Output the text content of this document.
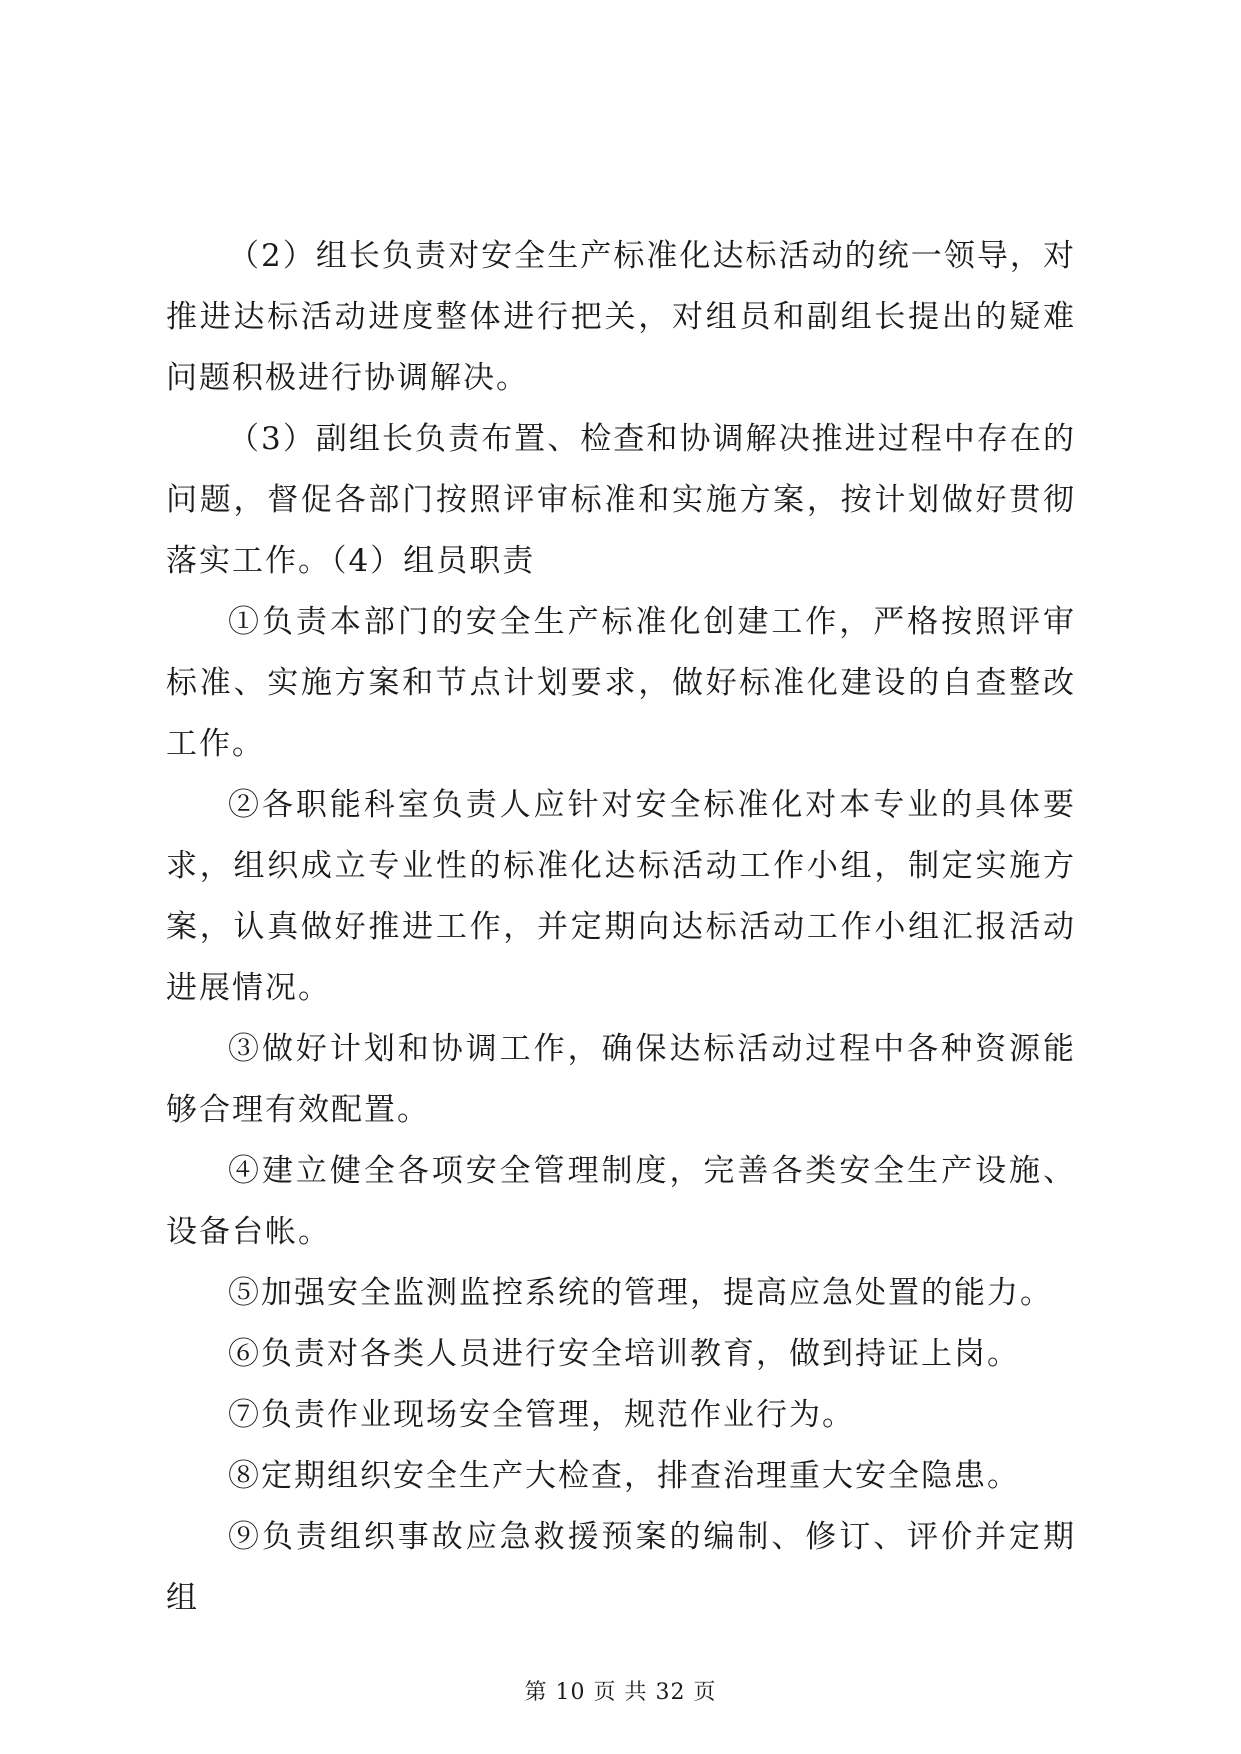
（2）组长负责对安全生产标准化达标活动的统一领导，对推进达标活动进度整体进行把关，对组员和副组长提出的疑难问题积极进行协调解决。

（3）副组长负责布置、检查和协调解决推进过程中存在的问题，督促各部门按照评审标准和实施方案，按计划做好贯彻落实工作。（4）组员职责

①负责本部门的安全生产标准化创建工作，严格按照评审标准、实施方案和节点计划要求，做好标准化建设的自查整改工作。

②各职能科室负责人应针对安全标准化对本专业的具体要求，组织成立专业性的标准化达标活动工作小组，制定实施方案，认真做好推进工作，并定期向达标活动工作小组汇报活动进展情况。

③做好计划和协调工作，确保达标活动过程中各种资源能够合理有效配置。

④建立健全各项安全管理制度，完善各类安全生产设施、设备台帐。

⑤加强安全监测监控系统的管理，提高应急处置的能力。

⑥负责对各类人员进行安全培训教育，做到持证上岗。

⑦负责作业现场安全管理，规范作业行为。

⑧定期组织安全生产大检查，排查治理重大安全隐患。

⑨负责组织事故应急救援预案的编制、修订、评价并定期组

第 10 页 共 32 页
